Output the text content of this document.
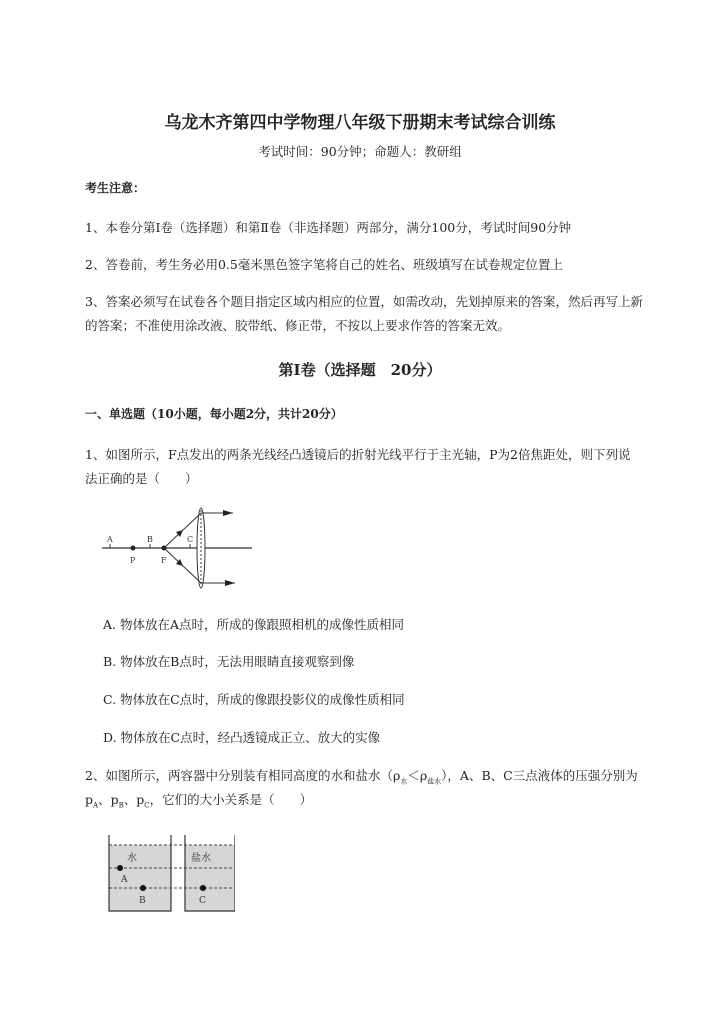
乌龙木齐第四中学物理八年级下册期末考试综合训练
考试时间：90分钟；命题人：教研组
考生注意：
1、本卷分第I卷（选择题）和第Ⅱ卷（非选择题）两部分，满分100分，考试时间90分钟
2、答卷前，考生务必用0.5毫米黑色签字笔将自己的姓名、班级填写在试卷规定位置上
3、答案必须写在试卷各个题目指定区域内相应的位置，如需改动，先划掉原来的答案，然后再写上新
的答案；不准使用涂改液、胶带纸、修正带，不按以上要求作答的答案无效。
第I卷（选择题　20分）
一、单选题（10小题，每小题2分，共计20分）
1、如图所示，F点发出的两条光线经凸透镜后的折射光线平行于主光轴，P为2倍焦距处，则下列说
法正确的是（　　）
A	B	C
P	F
A. 物体放在A点时，所成的像跟照相机的成像性质相同
B. 物体放在B点时，无法用眼睛直接观察到像
C. 物体放在C点时，所成的像跟投影仪的成像性质相同
D. 物体放在C点时，经凸透镜成正立、放大的实像
2、如图所示，两容器中分别装有相同高度的水和盐水$(\rho_水<\rho_{盐水})$，A、B、C三点液体的压强分别为
$p_A$、$p_B$、$p_C$，它们的大小关系是（　　）
水	盐水
A
B	C
